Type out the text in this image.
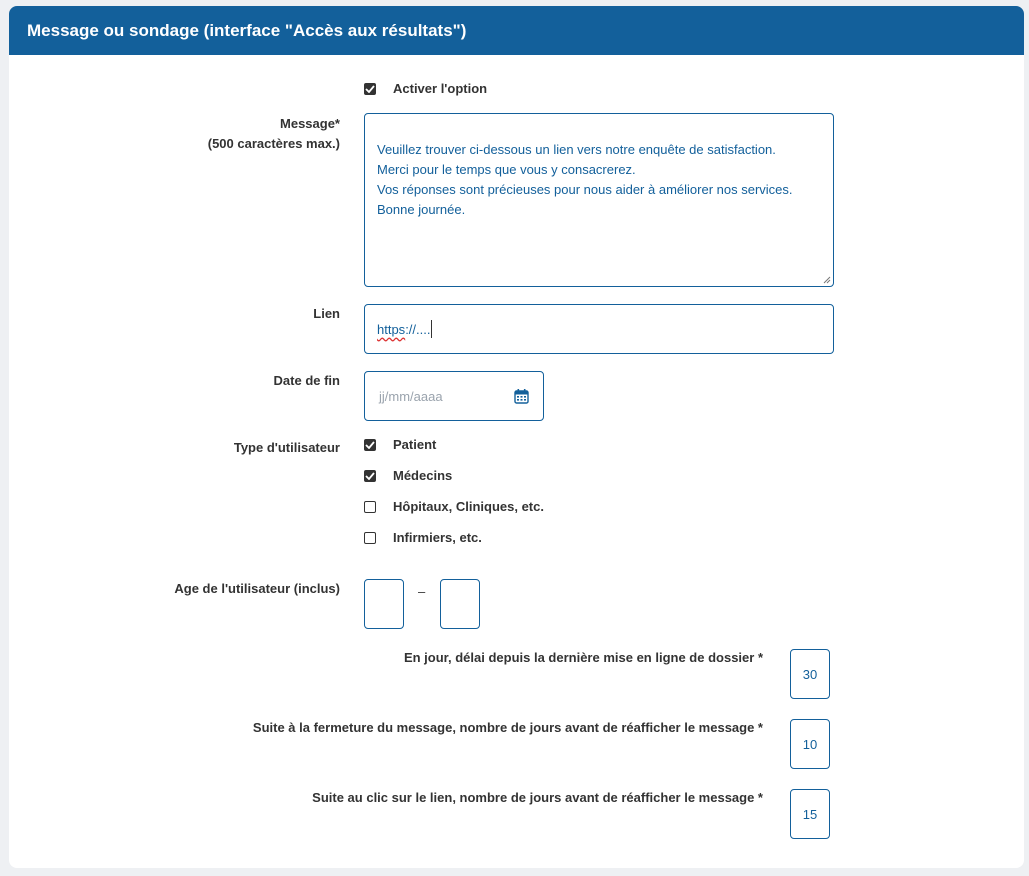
Message ou sondage (interface "Accès aux résultats")
Activer l'option
Message*
(500 caractères max.)	Veuillez trouver ci-dessous un lien vers notre enquête de satisfaction.
Merci pour le temps que vous y consacrerez.
Vos réponses sont précieuses pour nous aider à améliorer nos services.
Bonne journée.

Lien
https ://....
Date de fin
jj/mm/aaaa
Type d'utilisateur	Patient
Médecins
Hôpitaux, Cliniques, etc.
Infirmiers, etc.
Age de l'utilisateur (inclus)	–
En jour, délai depuis la dernière mise en ligne de dossier *
30
Suite à la fermeture du message, nombre de jours avant de réafficher le message *
10
Suite au clic sur le lien, nombre de jours avant de réafficher le message *
15
